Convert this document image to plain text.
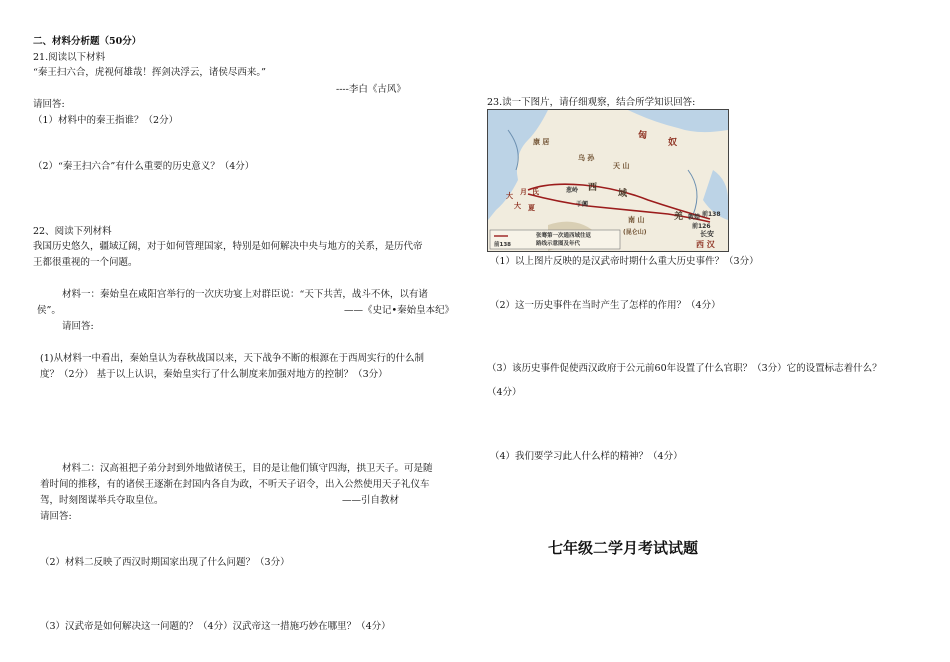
二、材料分析题（50分）
21.阅读以下材料
“秦王扫六合，虎视何雄哉！挥剑决浮云，诸侯尽西来。”
----李白《古风》
请回答:
（1）材料中的秦王指谁？（2分）
（2）“秦王扫六合”有什么重要的历史意义？（4分）
22、阅读下列材料
我国历史悠久，疆域辽阔，对于如何管理国家，特别是如何解决中央与地方的关系，是历代帝
王都很重视的一个问题。
材料一：秦始皇在咸阳宫举行的一次庆功宴上对群臣说：“天下共苦，战斗不休，以有诸
侯”。	——《史记•秦始皇本纪》
请回答:
(1)从材料一中看出，秦始皇认为春秋战国以来，天下战争不断的根源在于西周实行的什么制
度？（2分） 基于以上认识，秦始皇实行了什么制度来加强对地方的控制？（3分）
材料二：汉高祖把子弟分封到外地做诸侯王，目的是让他们镇守四海，拱卫天子。可是随
着时间的推移，有的诸侯王逐渐在封国内各自为政，不听天子诏令，出入公然使用天子礼仪车
驾，时刻图谋举兵夺取皇位。	——引自教材
请回答:
（2）材料二反映了西汉时期国家出现了什么问题？（3分）
（3）汉武帝是如何解决这一问题的？（4分）汉武帝这一措施巧妙在哪里？（4分）
23.读一下图片，请仔细观察，结合所学知识回答:
大 月 氏
大 夏
康 居
乌 孙
天 山
西
域
葱岭
于阗
匈
奴
南 山
(昆仑山)
羌 敦煌
长安
西 汉
前138
前126
前138
张骞第一次通西域往返
路线示意图及年代
（1）以上图片反映的是汉武帝时期什么重大历史事件？（3分）
（2）这一历史事件在当时产生了怎样的作用？（4分）
（3）该历史事件促使西汉政府于公元前60年设置了什么官职？（3分）它的设置标志着什么？
（4分）
（4）我们要学习此人什么样的精神？（4分）
七年级二学月考试试题
